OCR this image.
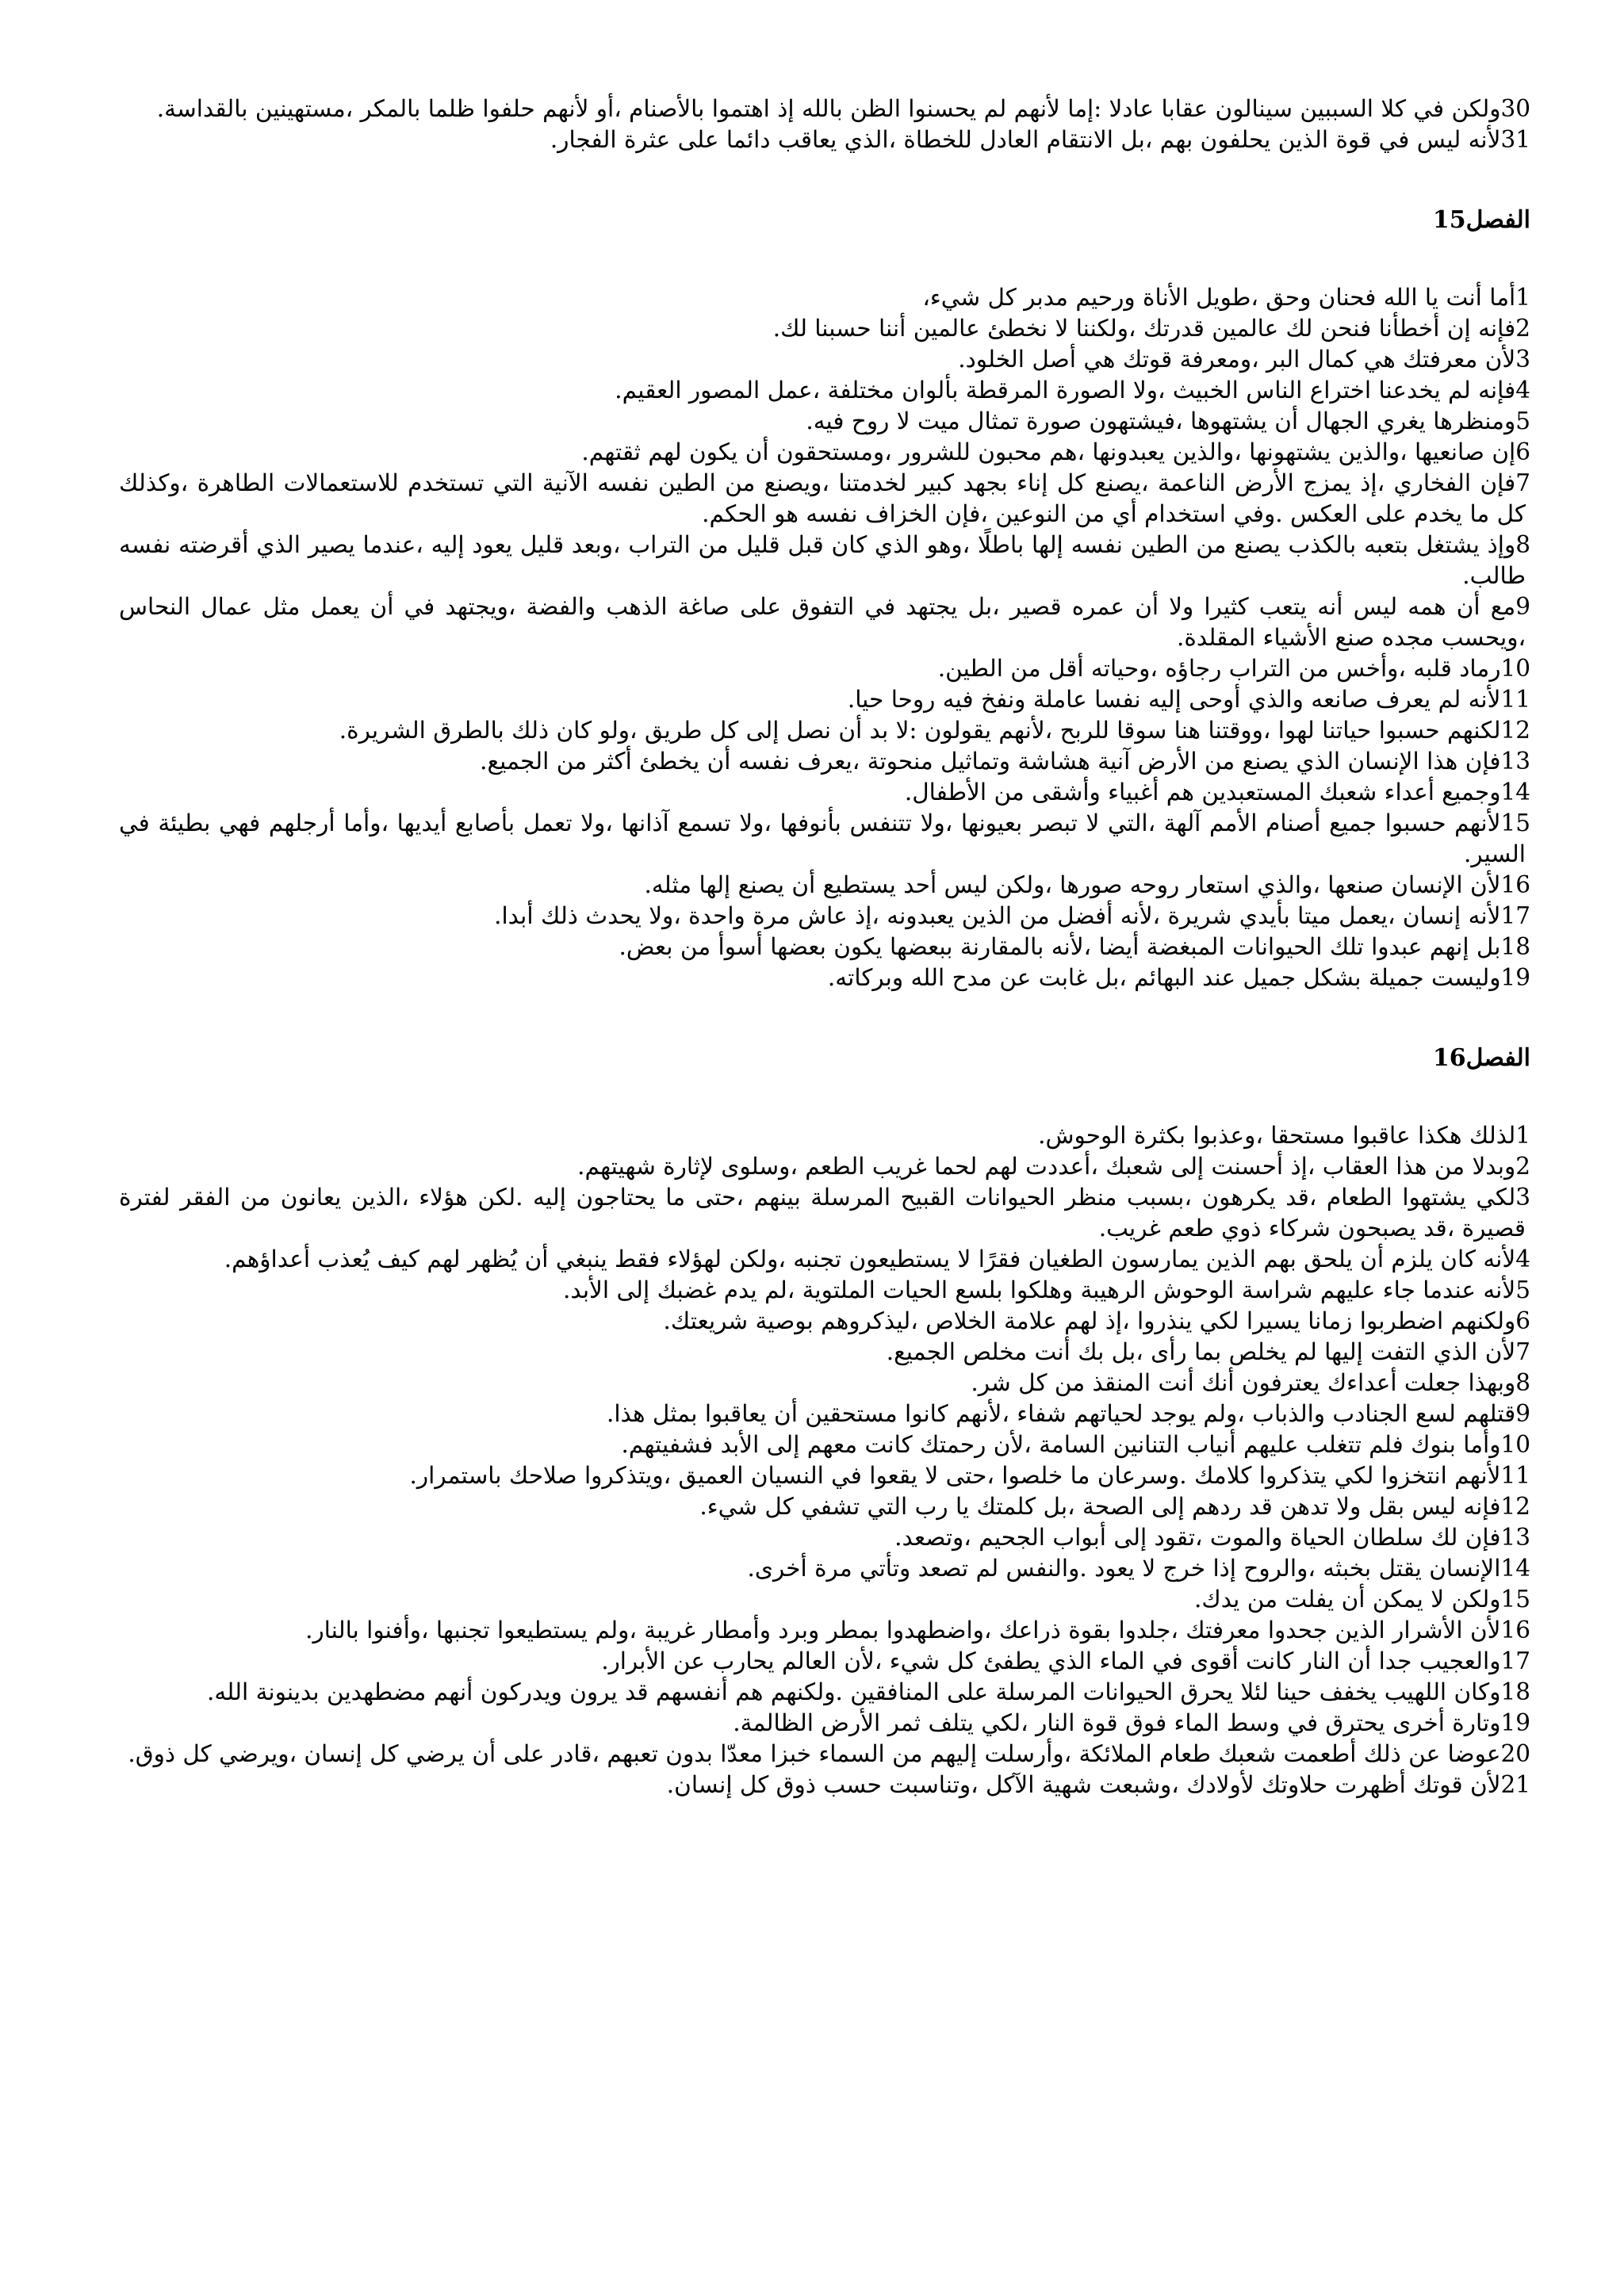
30ولكن في كلا السببين سينالون عقابا عادلا :إما لأنهم لم يحسنوا الظن بالله إذ اهتموا بالأصنام ،أو لأنهم حلفوا ظلما بالمكر ،مستهينين بالقداسة.

31لأنه ليس في قوة الذين يحلفون بهم ،بل الانتقام العادل للخطاة ،الذي يعاقب دائما على عثرة الفجار.

الفصل15

1أما أنت يا الله فحنان وحق ،طويل الأناة ورحيم مدبر كل شيء،

2فإنه إن أخطأنا فنحن لك عالمين قدرتك ،ولكننا لا نخطئ عالمين أننا حسبنا لك.

3لأن معرفتك هي كمال البر ،ومعرفة قوتك هي أصل الخلود.

4فإنه لم يخدعنا اختراع الناس الخبيث ،ولا الصورة المرقطة بألوان مختلفة ،عمل المصور العقيم.

5ومنظرها يغري الجهال أن يشتهوها ،فيشتهون صورة تمثال ميت لا روح فيه.

6إن صانعيها ،والذين يشتهونها ،والذين يعبدونها ،هم محبون للشرور ،ومستحقون أن يكون لهم ثقتهم.

7فإن الفخاري ،إذ يمزج الأرض الناعمة ،يصنع كل إناء بجهد كبير لخدمتنا ،ويصنع من الطين نفسه الآنية التي تستخدم للاستعمالات الطاهرة ،وكذلك كل ما يخدم على العكس .وفي استخدام أي من النوعين ،فإن الخزاف نفسه هو الحكم.

8وإذ يشتغل بتعبه بالكذب يصنع من الطين نفسه إلها باطلًا ،وهو الذي كان قبل قليل من التراب ،وبعد قليل يعود إليه ،عندما يصير الذي أقرضته نفسه طالب.

9مع أن همه ليس أنه يتعب كثيرا ولا أن عمره قصير ،بل يجتهد في التفوق على صاغة الذهب والفضة ،ويجتهد في أن يعمل مثل عمال النحاس ،ويحسب مجده صنع الأشياء المقلدة.

10رماد قلبه ،وأخس من التراب رجاؤه ،وحياته أقل من الطين.

11لأنه لم يعرف صانعه والذي أوحى إليه نفسا عاملة ونفخ فيه روحا حيا.

12لكنهم حسبوا حياتنا لهوا ،ووقتنا هنا سوقا للربح ،لأنهم يقولون :لا بد أن نصل إلى كل طريق ،ولو كان ذلك بالطرق الشريرة.

13فإن هذا الإنسان الذي يصنع من الأرض آنية هشاشة وتماثيل منحوتة ،يعرف نفسه أن يخطئ أكثر من الجميع.

14وجميع أعداء شعبك المستعبدين هم أغبياء وأشقى من الأطفال.

15لأنهم حسبوا جميع أصنام الأمم آلهة ،التي لا تبصر بعيونها ،ولا تتنفس بأنوفها ،ولا تسمع آذانها ،ولا تعمل بأصابع أيديها ،وأما أرجلهم فهي بطيئة في السير.

16لأن الإنسان صنعها ،والذي استعار روحه صورها ،ولكن ليس أحد يستطيع أن يصنع إلها مثله.

17لأنه إنسان ،يعمل ميتا بأيدي شريرة ،لأنه أفضل من الذين يعبدونه ،إذ عاش مرة واحدة ،ولا يحدث ذلك أبدا.

18بل إنهم عبدوا تلك الحيوانات المبغضة أيضا ،لأنه بالمقارنة ببعضها يكون بعضها أسوأ من بعض.

19وليست جميلة بشكل جميل عند البهائم ،بل غابت عن مدح الله وبركاته.

الفصل16

1لذلك هكذا عاقبوا مستحقا ،وعذبوا بكثرة الوحوش.

2وبدلا من هذا العقاب ،إذ أحسنت إلى شعبك ،أعددت لهم لحما غريب الطعم ،وسلوى لإثارة شهيتهم.

3لكي يشتهوا الطعام ،قد يكرهون ،بسبب منظر الحيوانات القبيح المرسلة بينهم ،حتى ما يحتاجون إليه .لكن هؤلاء ،الذين يعانون من الفقر لفترة قصيرة ،قد يصبحون شركاء ذوي طعم غريب.

4لأنه كان يلزم أن يلحق بهم الذين يمارسون الطغيان فقرًا لا يستطيعون تجنبه ،ولكن لهؤلاء فقط ينبغي أن يُظهر لهم كيف يُعذب أعداؤهم.

5لأنه عندما جاء عليهم شراسة الوحوش الرهيبة وهلكوا بلسع الحيات الملتوية ،لم يدم غضبك إلى الأبد.

6ولكنهم اضطربوا زمانا يسيرا لكي ينذروا ،إذ لهم علامة الخلاص ،ليذكروهم بوصية شريعتك.

7لأن الذي التفت إليها لم يخلص بما رأى ،بل بك أنت مخلص الجميع.

8وبهذا جعلت أعداءك يعترفون أنك أنت المنقذ من كل شر.

9قتلهم لسع الجنادب والذباب ،ولم يوجد لحياتهم شفاء ،لأنهم كانوا مستحقين أن يعاقبوا بمثل هذا.

10وأما بنوك فلم تتغلب عليهم أنياب التنانين السامة ،لأن رحمتك كانت معهم إلى الأبد فشفيتهم.

11لأنهم انتخزوا لكي يتذكروا كلامك .وسرعان ما خلصوا ،حتى لا يقعوا في النسيان العميق ،ويتذكروا صلاحك باستمرار.

12فإنه ليس بقل ولا تدهن قد ردهم إلى الصحة ،بل كلمتك يا رب التي تشفي كل شيء.

13فإن لك سلطان الحياة والموت ،تقود إلى أبواب الجحيم ،وتصعد.

14الإنسان يقتل بخبثه ،والروح إذا خرج لا يعود .والنفس لم تصعد وتأتي مرة أخرى.

15ولكن لا يمكن أن يفلت من يدك.

16لأن الأشرار الذين جحدوا معرفتك ،جلدوا بقوة ذراعك ،واضطهدوا بمطر وبرد وأمطار غريبة ،ولم يستطيعوا تجنبها ،وأفنوا بالنار.

17والعجيب جدا أن النار كانت أقوى في الماء الذي يطفئ كل شيء ،لأن العالم يحارب عن الأبرار.

18وكان اللهيب يخفف حينا لئلا يحرق الحيوانات المرسلة على المنافقين .ولكنهم هم أنفسهم قد يرون ويدركون أنهم مضطهدين بدينونة الله.

19وتارة أخرى يحترق في وسط الماء فوق قوة النار ،لكي يتلف ثمر الأرض الظالمة.

20عوضا عن ذلك أطعمت شعبك طعام الملائكة ،وأرسلت إليهم من السماء خبزا معدّا بدون تعبهم ،قادر على أن يرضي كل إنسان ،ويرضي كل ذوق.

21لأن قوتك أظهرت حلاوتك لأولادك ،وشبعت شهية الآكل ،وتناسبت حسب ذوق كل إنسان.
